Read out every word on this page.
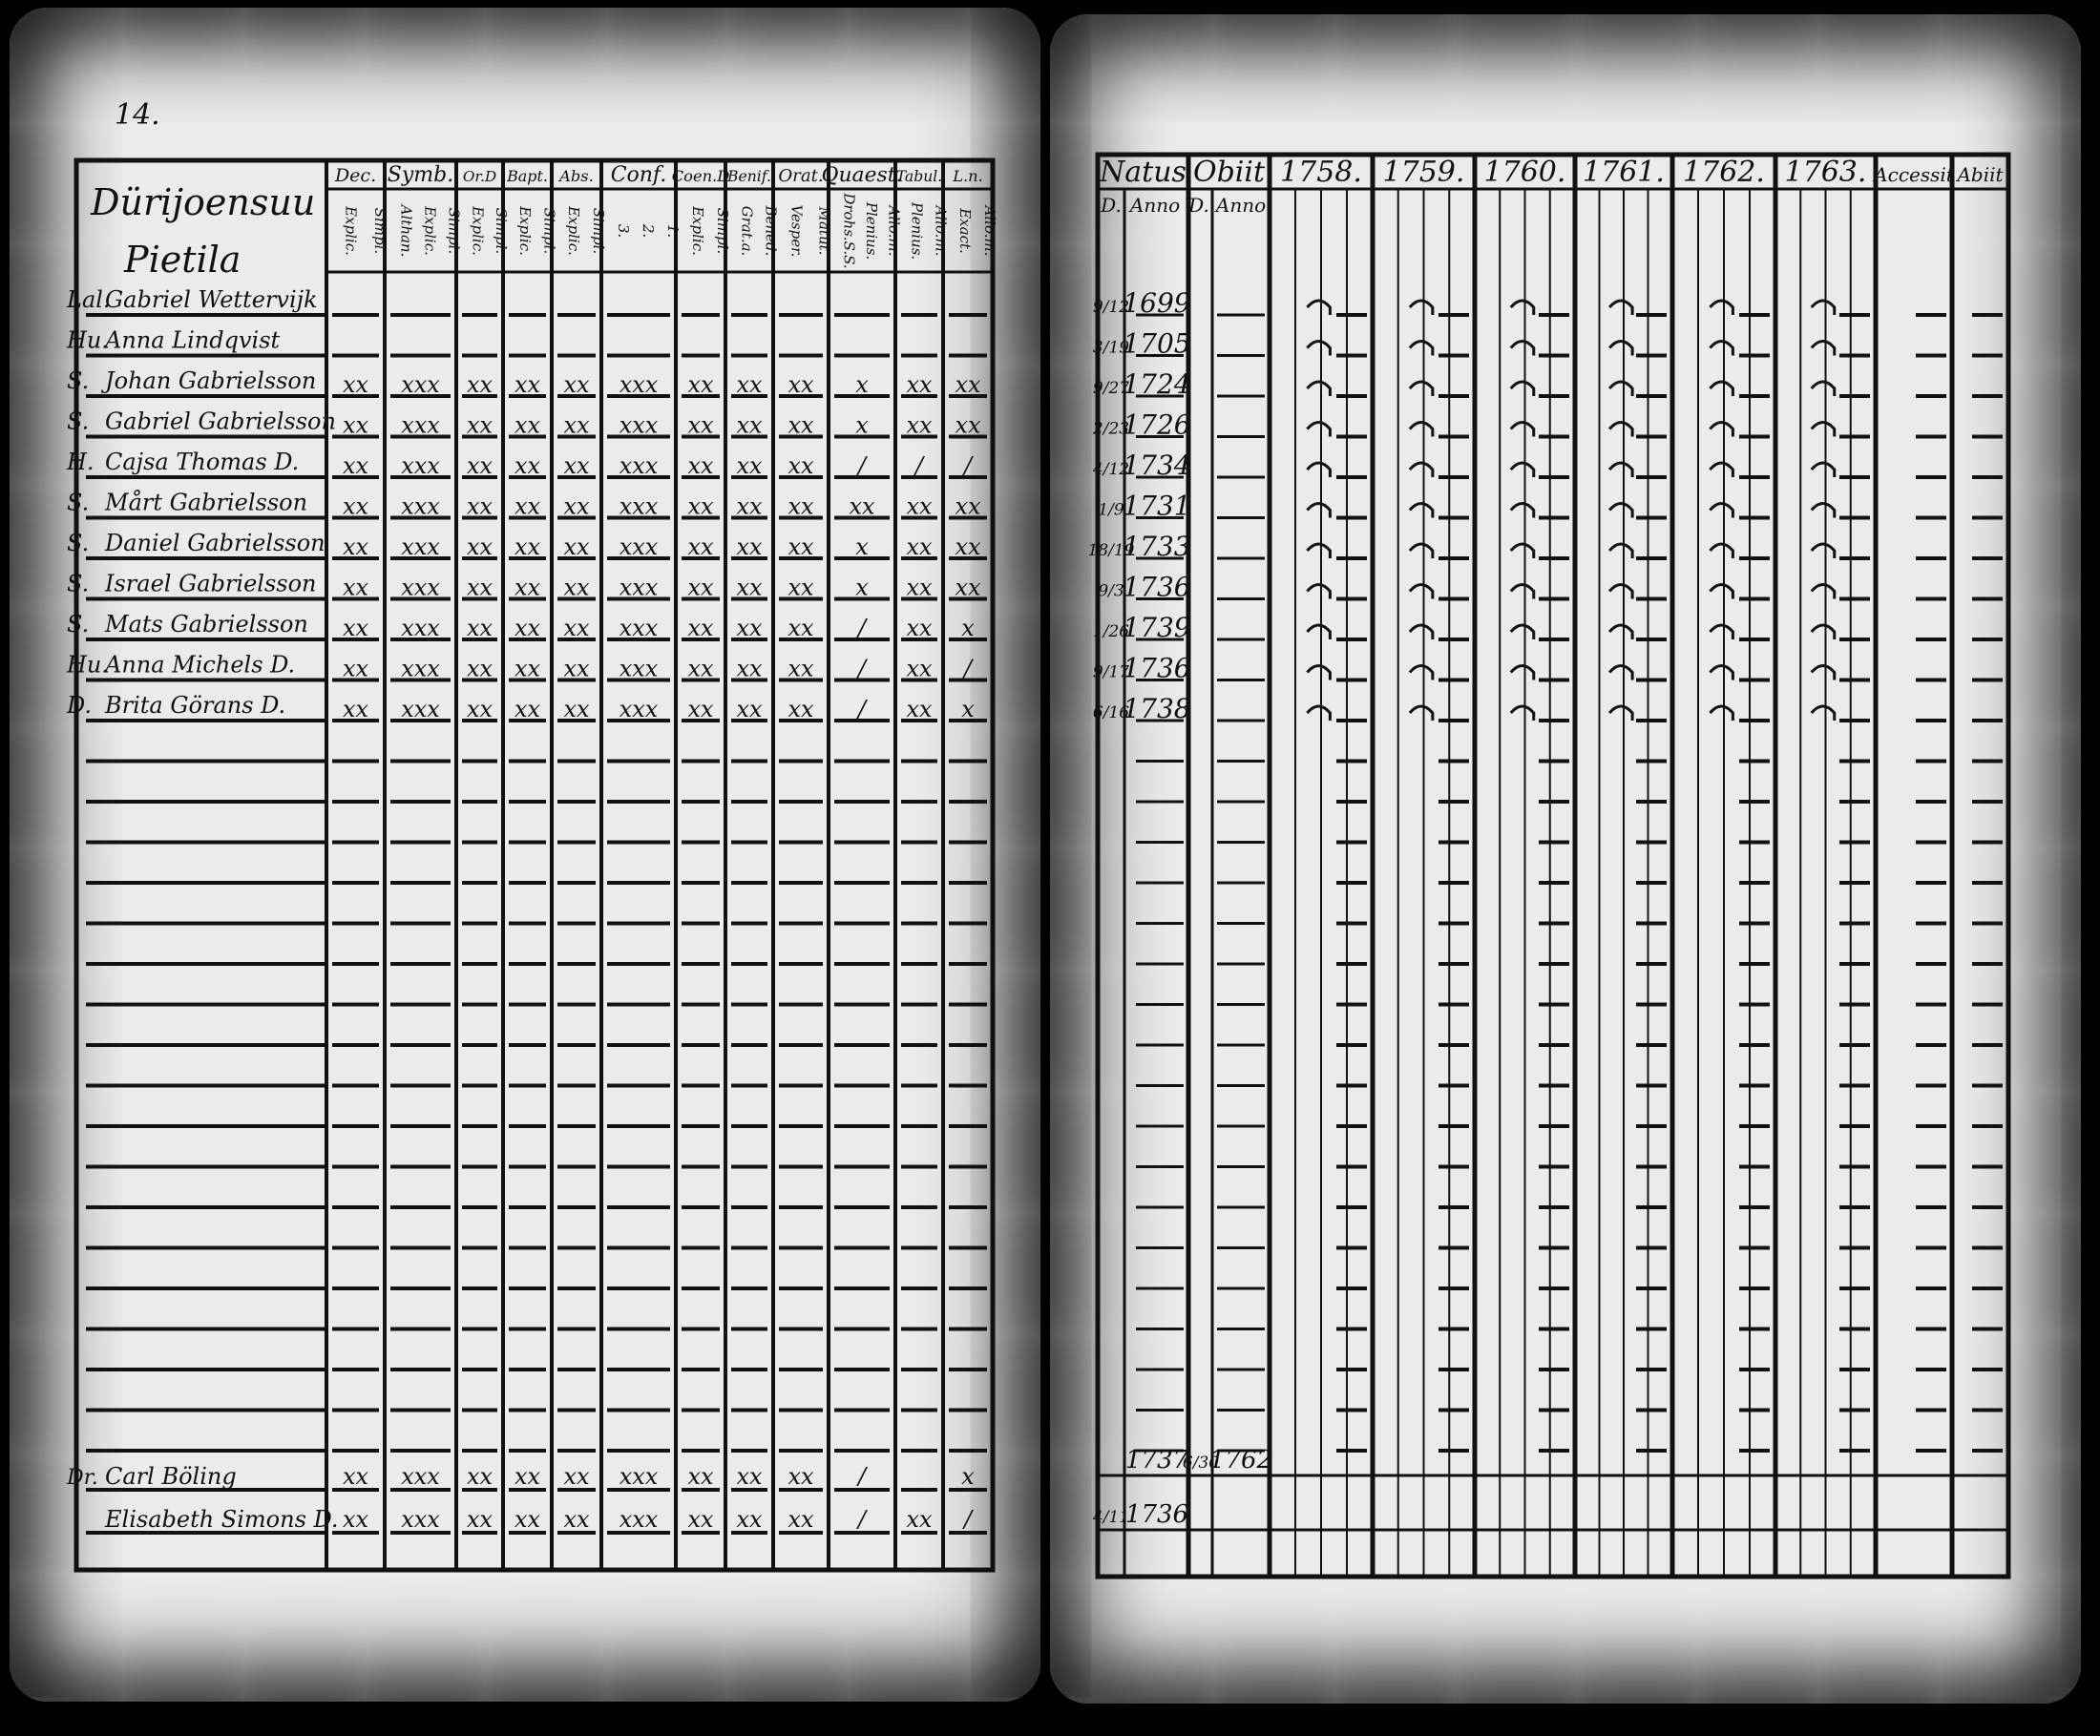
14.
Dürijoensuu
Pietila
Dec.
Explic. Simpl.
Symb.
Althan. Explic. Simpl.
Or.D
Explic. Simpl.
Bapt.
Explic. Simpl.
Abs.
Explic. Simpl.
Conf.
3. 2. 1.
Coen.D
Explic. Simpl.
Benif.
Grat.a. Bened.
Orat.
Vesper. Matut.
Quaest.
Drohs.S.S. Plenius. Allo.m.
Tabul.
Plenius. Allo.m.
L.n.
Exact. Allo.m.
Lal.
Gabriel Wettervijk
Hu.
Anna Lindqvist
S. Johan Gabrielsson xx xxx xx xx xx xxx xx xx xx x xx xx
S. Gabriel Gabrielsson xx xxx xx xx xx xxx xx xx xx x xx xx
H. Cajsa Thomas D. xx xxx xx xx xx xxx xx xx xx / / /
S. Mårt Gabrielsson xx xxx xx xx xx xxx xx xx xx xx xx xx
S. Daniel Gabrielsson xx xxx xx xx xx xxx xx xx xx x xx xx
S. Israel Gabrielsson xx xxx xx xx xx xxx xx xx xx x xx xx
S. Mats Gabrielsson xx xxx xx xx xx xxx xx xx xx / xx x
Hu.
Anna Michels D. xx xxx xx xx xx xxx xx xx xx / xx /
D. Brita Görans D. xx xxx xx xx xx xxx xx xx xx / xx x
Dr. Carl Böling	xx xxx xx xx xx xxx xx xx xx /	x
Elisabeth Simons D. xx xxx xx xx xx xxx xx xx xx / xx /
Natus Obiit 1758. 1759. 1760. 1761. 1762. 1763. Accessit Abiit
D. Anno D. Anno
9/12
1699
3/19
1705
9/27
1724
2/23
1726
4/12
1734
1/9
1731
18/19
1733
9/3
1736
1/26
1739
9/17
1736
6/16
1738
1737
6/30
1762
4/11
1736
